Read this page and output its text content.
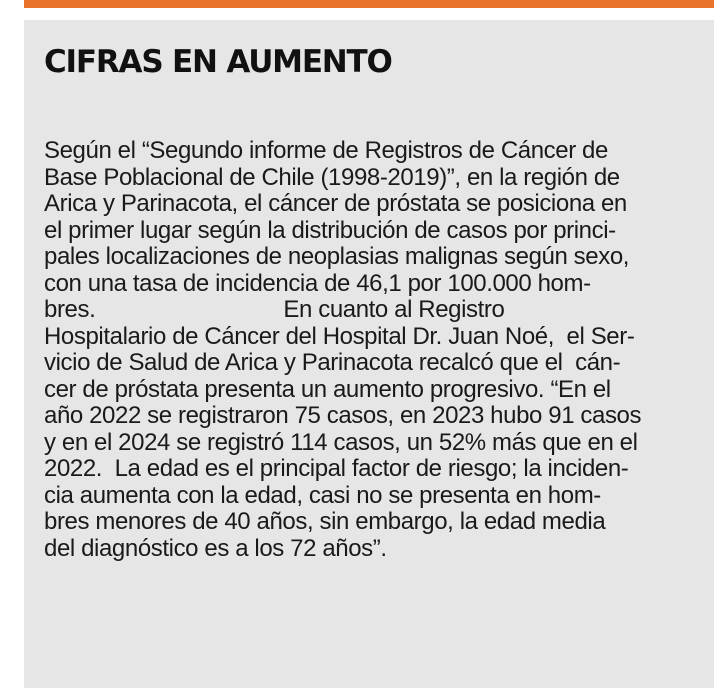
CIFRAS EN AUMENTO
Según el “Segundo informe de Registros de Cáncer de
Base Poblacional de Chile (1998-2019)”, en la región de
Arica y Parinacota, el cáncer de próstata se posiciona en
el primer lugar según la distribución de casos por princi-
pales localizaciones de neoplasias malignas según sexo,
con una tasa de incidencia de 46,1 por 100.000 hom-
bres.                              En cuanto al Registro
Hospitalario de Cáncer del Hospital Dr. Juan Noé,  el Ser-
vicio de Salud de Arica y Parinacota recalcó que el  cán-
cer de próstata presenta un aumento progresivo. “En el
año 2022 se registraron 75 casos, en 2023 hubo 91 casos
y en el 2024 se registró 114 casos, un 52% más que en el
2022.  La edad es el principal factor de riesgo; la inciden-
cia aumenta con la edad, casi no se presenta en hom-
bres menores de 40 años, sin embargo, la edad media
del diagnóstico es a los 72 años”.
